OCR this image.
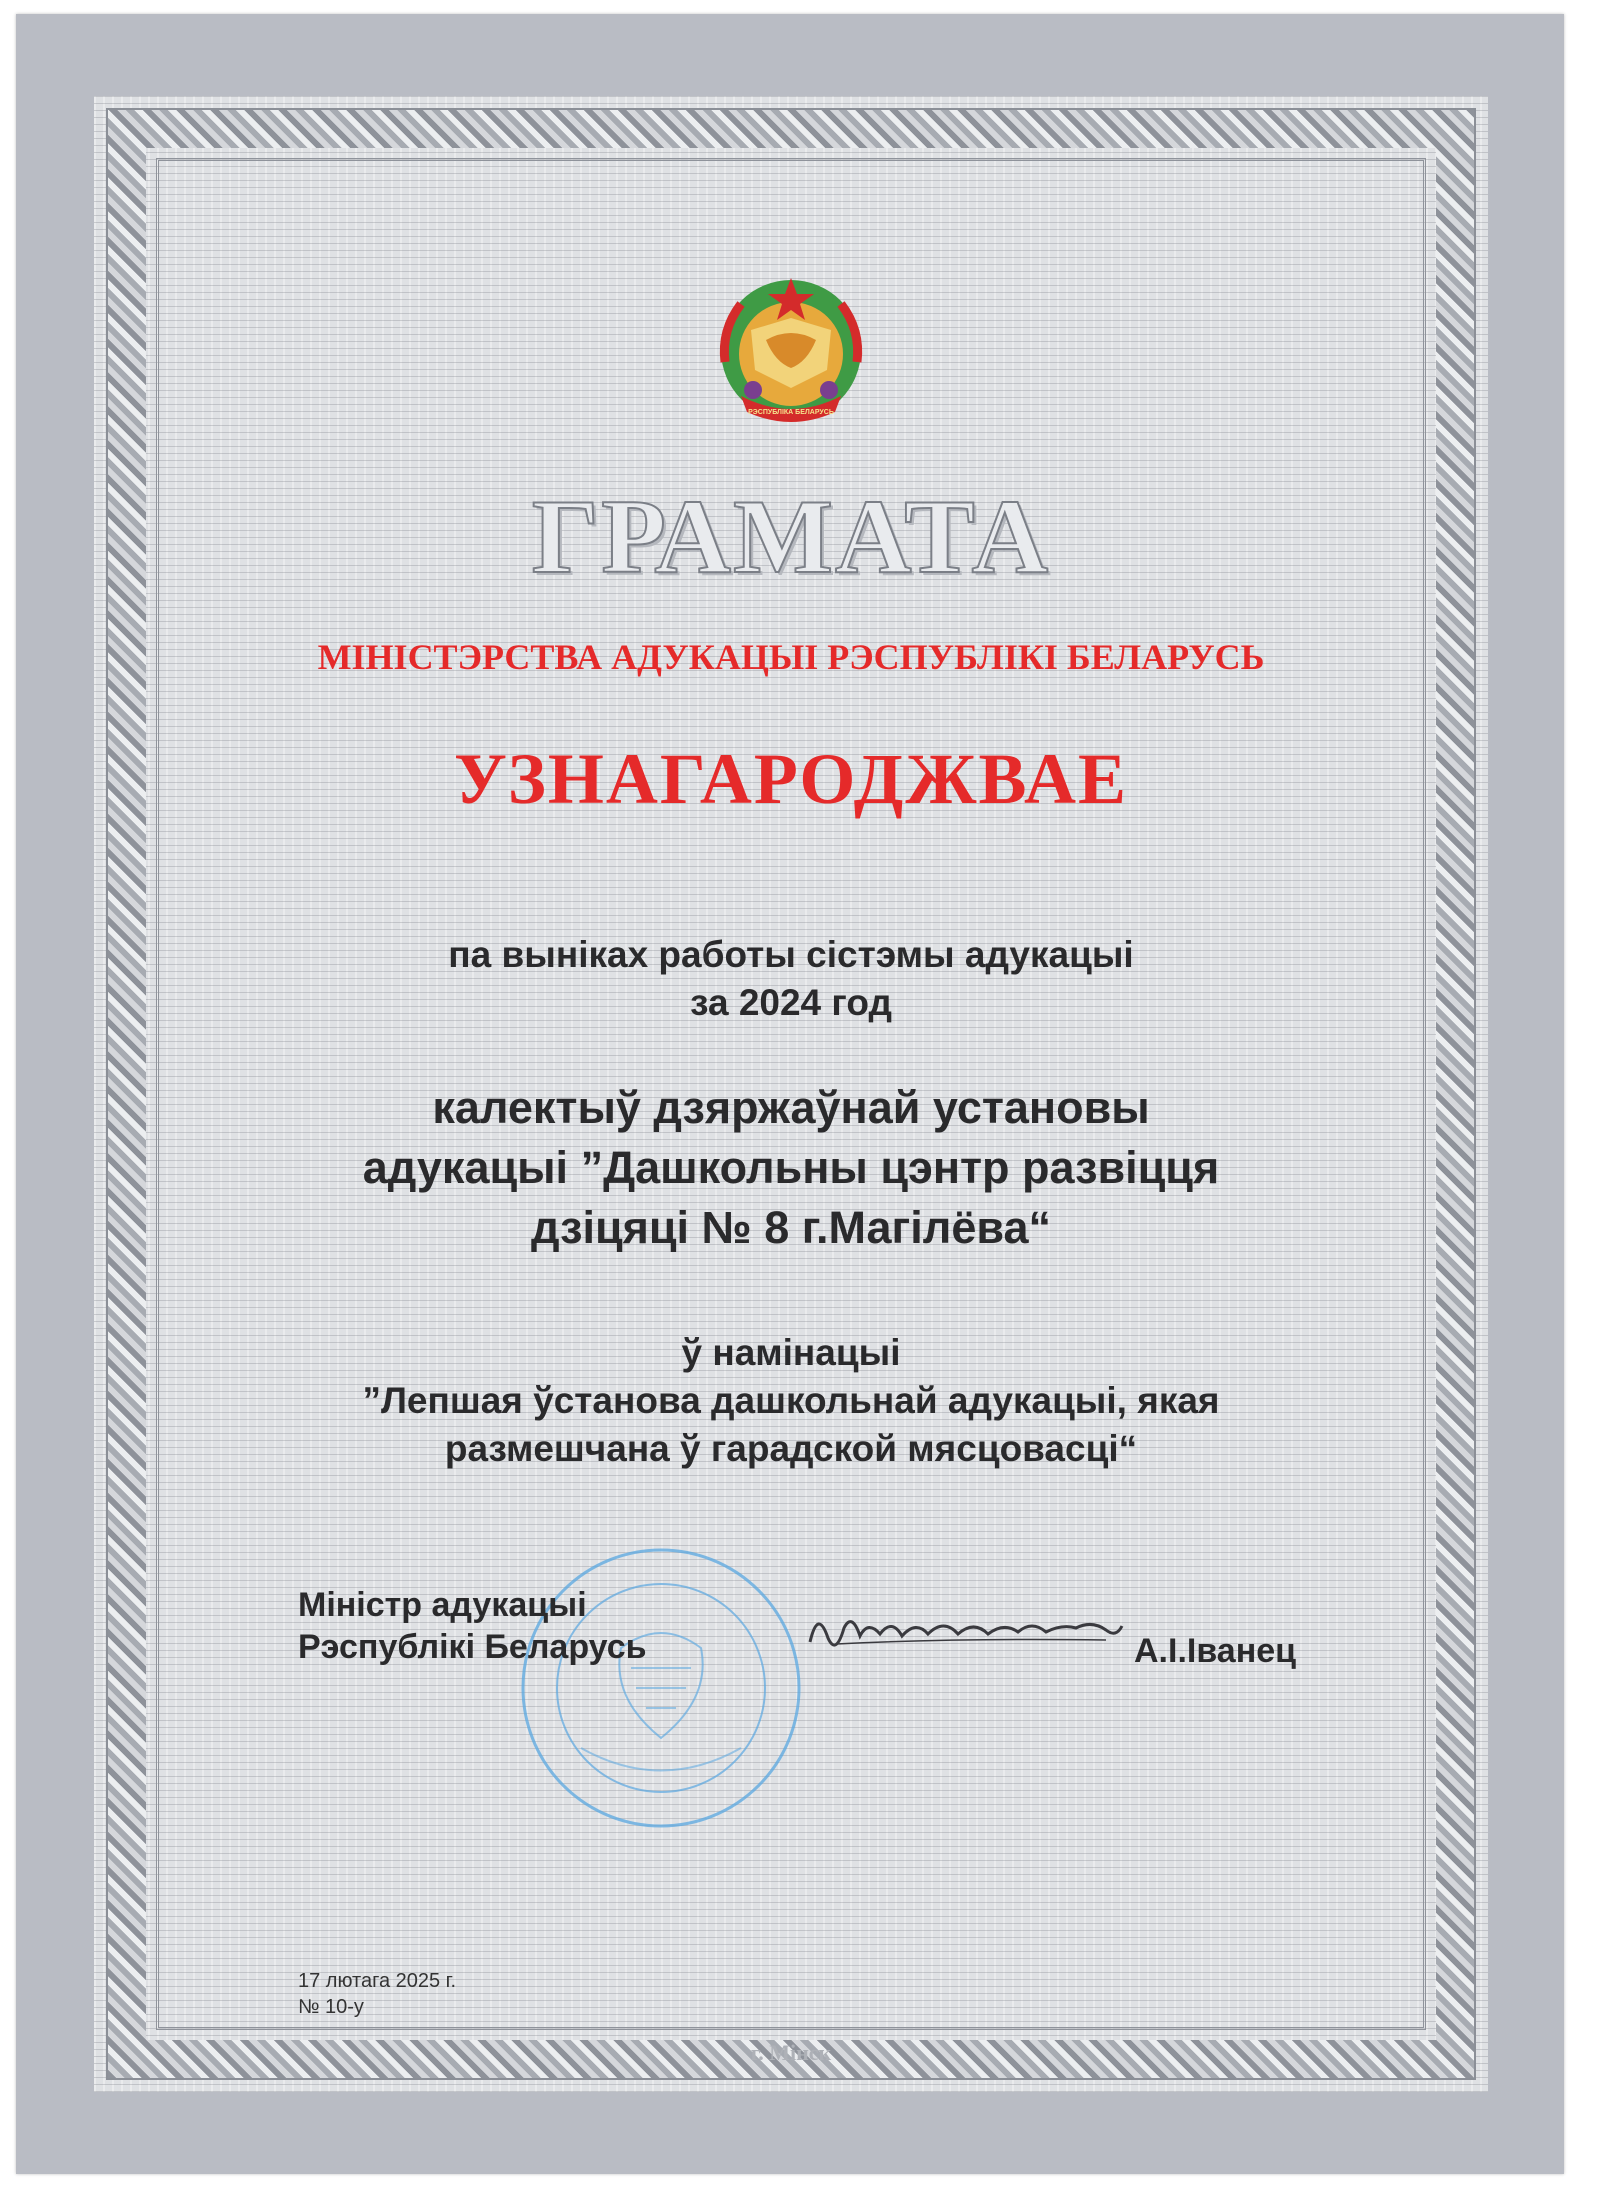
РЭСПУБЛІКА БЕЛАРУСЬ
ГРАМАТА
МІНІСТЭРСТВА АДУКАЦЫІ РЭСПУБЛІКІ БЕЛАРУСЬ
УЗНАГАРОДЖВАЕ
па выніках работы сістэмы адукацыі
за 2024 год
калектыў дзяржаўнай установы
адукацыі ”Дашкольны цэнтр развіцця
дзіцяці № 8 г.Магілёва“
ў намінацыі
”Лепшая ўстанова дашкольнай адукацыі, якая
размешчана ў гарадской мясцовасці“
Міністр адукацыі
Рэспублікі Беларусь	А.І.Іванец
17 лютага 2025 г.
№ 10-у
г. Мінск
